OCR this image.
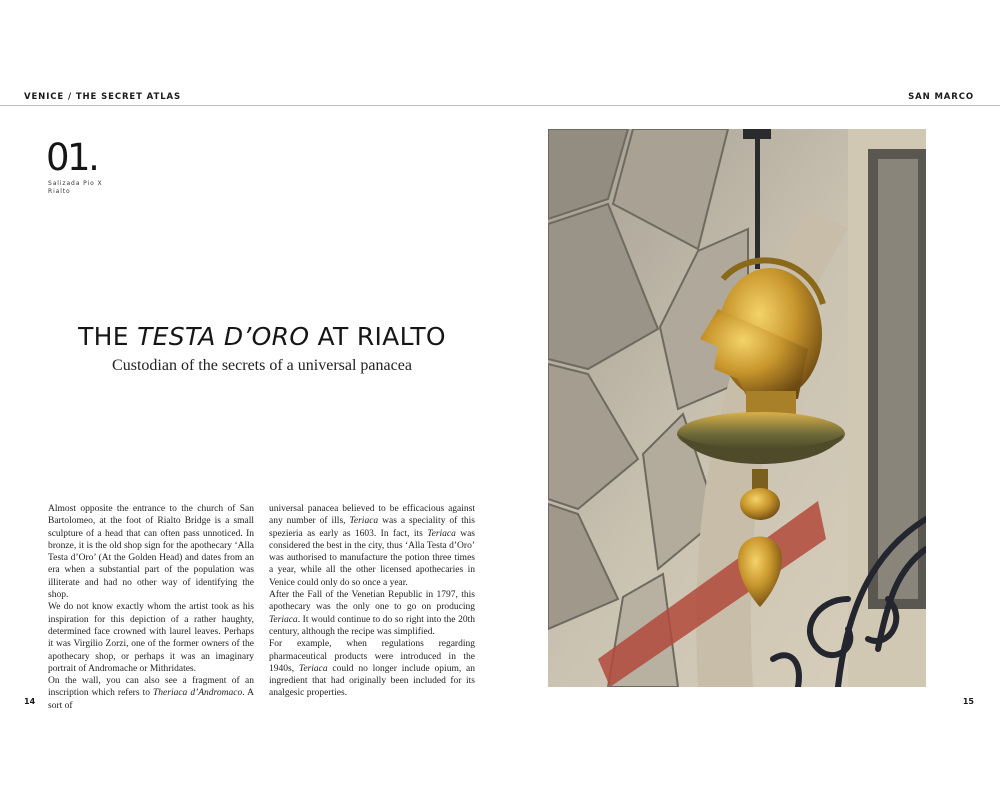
VENICE / THE SECRET ATLAS	SAN MARCO
01.
Salizada Pio X
Rialto
THE TESTA D’ORO AT RIALTO
Custodian of the secrets of a universal panacea

Almost opposite the entrance to the church of San Bartolomeo, at the foot of Rialto Bridge is a small sculpture of a head that can often pass unnoticed. In bronze, it is the old shop sign for the apothecary ‘Alla Testa d’Oro’ (At the Golden Head) and dates from an era when a substantial part of the population was illiterate and had no other way of identifying the shop.

We do not know exactly whom the artist took as his inspiration for this depiction of a rather haughty, determined face crowned with laurel leaves. Perhaps it was Virgilio Zorzi, one of the former owners of the apothecary shop, or perhaps it was an imaginary portrait of Andromache or Mithridates.

On the wall, you can also see a fragment of an inscription which refers to Theriaca d’Andromaco. A sort of

universal panacea believed to be efficacious against any number of ills, Teriaca was a speciality of this spezieria as early as 1603. In fact, its Teriaca was considered the best in the city, thus ‘Alla Testa d’Oro’ was authorised to manufacture the potion three times a year, while all the other licensed apothecaries in Venice could only do so once a year.

After the Fall of the Venetian Republic in 1797, this apothecary was the only one to go on producing Teriaca. It would continue to do so right into the 20th century, although the recipe was simplified.

For example, when regulations regarding pharmaceutical products were introduced in the 1940s, Teriaca could no longer include opium, an ingredient that had originally been included for its analgesic properties.

14	15
